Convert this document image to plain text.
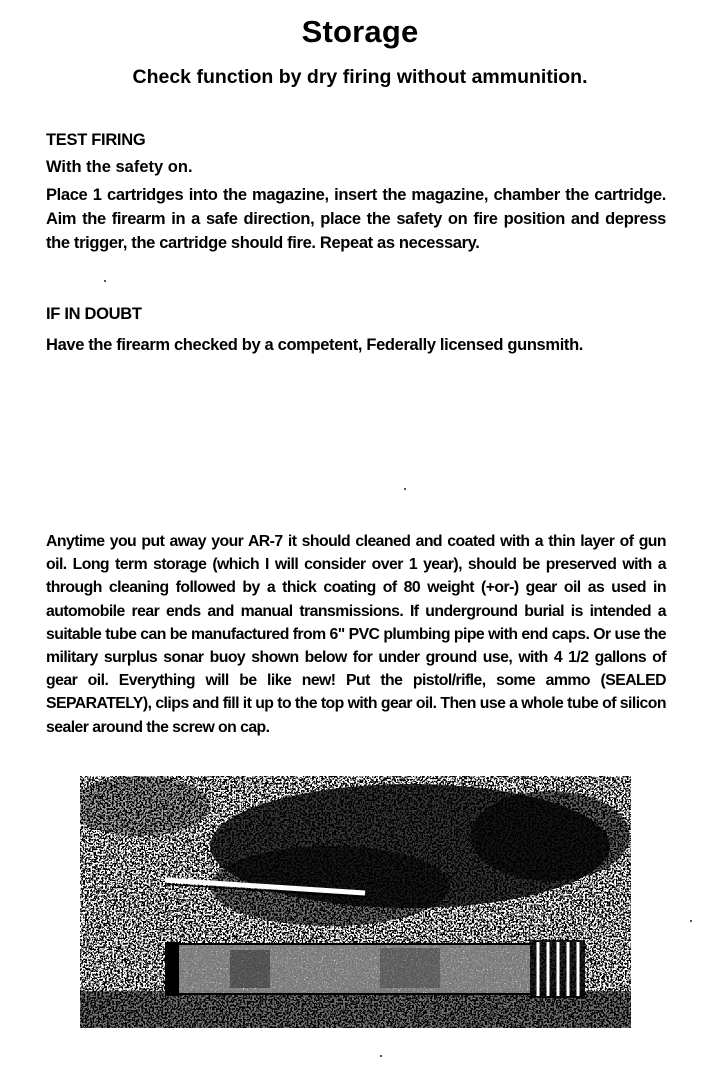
Storage
Check function by dry firing without ammunition.
TEST FIRING
With the safety on.
Place 1 cartridges into the magazine, insert the magazine, chamber the cartridge. Aim the firearm in a safe direction, place the safety on fire position and depress the trigger, the cartridge should fire. Repeat as necessary.
IF IN DOUBT
Have the firearm checked by a competent, Federally licensed gunsmith.
Anytime you put away your AR-7 it should cleaned and coated with a thin layer of gun oil. Long term storage (which I will consider over 1 year), should be preserved with a through cleaning followed by a thick coating of 80 weight (+or-) gear oil as used in automobile rear ends and manual transmissions. If underground burial is intended a suitable tube can be manufactured from 6" PVC plumbing pipe with end caps. Or use the military surplus sonar buoy shown below for under ground use, with 4 1/2 gallons of gear oil. Everything will be like new! Put the pistol/rifle, some ammo (SEALED SEPARATELY), clips and fill it up to the top with gear oil. Then use a whole tube of silicon sealer around the screw on cap.
